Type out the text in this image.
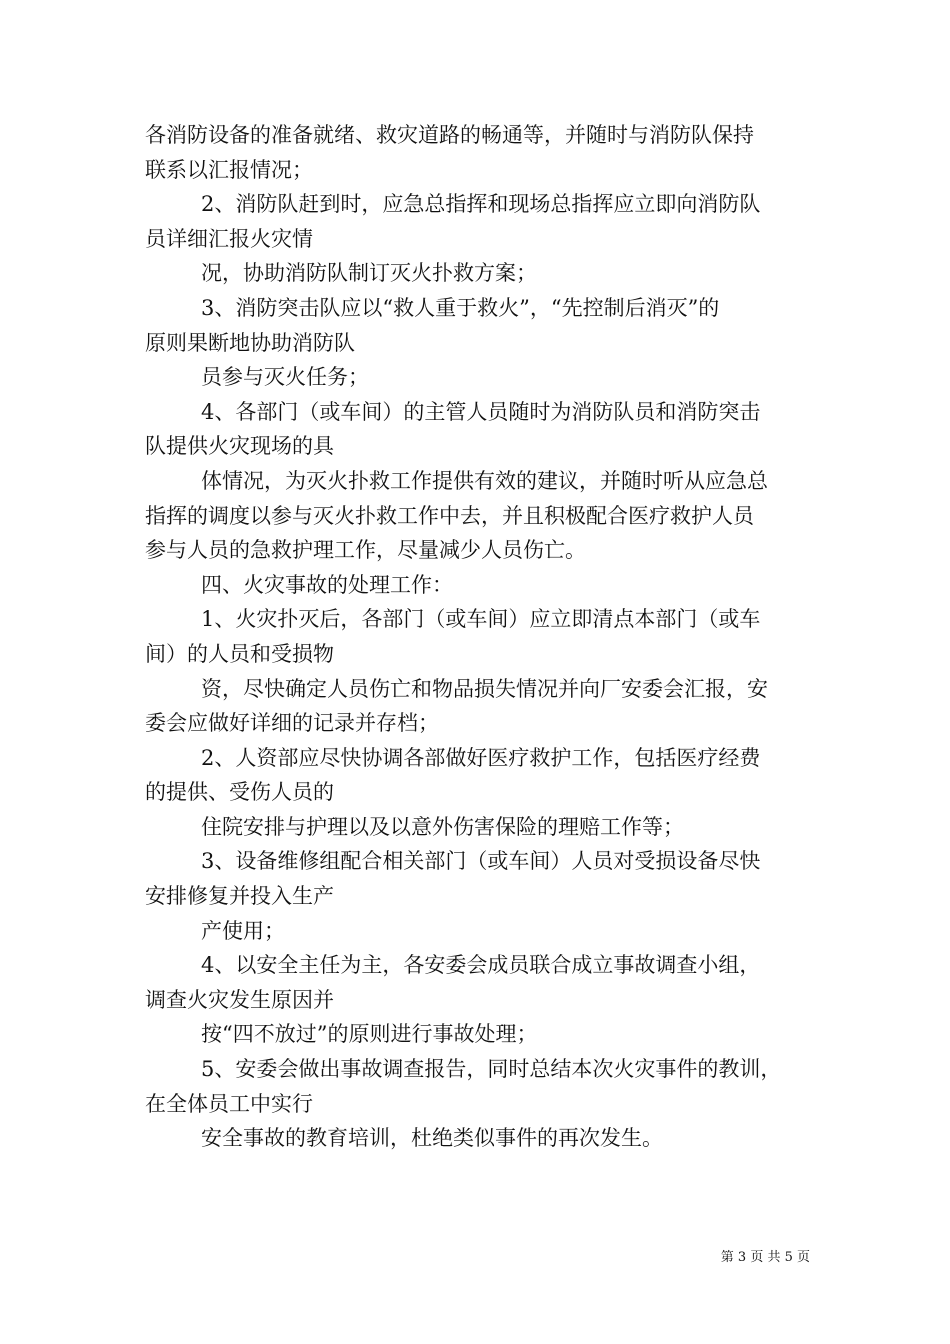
各消防设备的准备就绪、救灾道路的畅通等，并随时与消防队保持
联系以汇报情况；
2、消防队赶到时，应急总指挥和现场总指挥应立即向消防队
员详细汇报火灾情
况，协助消防队制订灭火扑救方案；
3、消防突击队应以“救人重于救火”，“先控制后消灭”的
原则果断地协助消防队
员参与灭火任务；
4、各部门（或车间）的主管人员随时为消防队员和消防突击
队提供火灾现场的具
体情况，为灭火扑救工作提供有效的建议，并随时听从应急总
指挥的调度以参与灭火扑救工作中去，并且积极配合医疗救护人员
参与人员的急救护理工作，尽量减少人员伤亡。
四、火灾事故的处理工作：
1、火灾扑灭后，各部门（或车间）应立即清点本部门（或车
间）的人员和受损物
资，尽快确定人员伤亡和物品损失情况并向厂安委会汇报，安
委会应做好详细的记录并存档；
2、人资部应尽快协调各部做好医疗救护工作，包括医疗经费
的提供、受伤人员的
住院安排与护理以及以意外伤害保险的理赔工作等；
3、设备维修组配合相关部门（或车间）人员对受损设备尽快
安排修复并投入生产
产使用；
4、以安全主任为主，各安委会成员联合成立事故调查小组，
调查火灾发生原因并
按“四不放过”的原则进行事故处理；
5、安委会做出事故调查报告，同时总结本次火灾事件的教训，
在全体员工中实行
安全事故的教育培训，杜绝类似事件的再次发生。
第 3 页 共 5 页
